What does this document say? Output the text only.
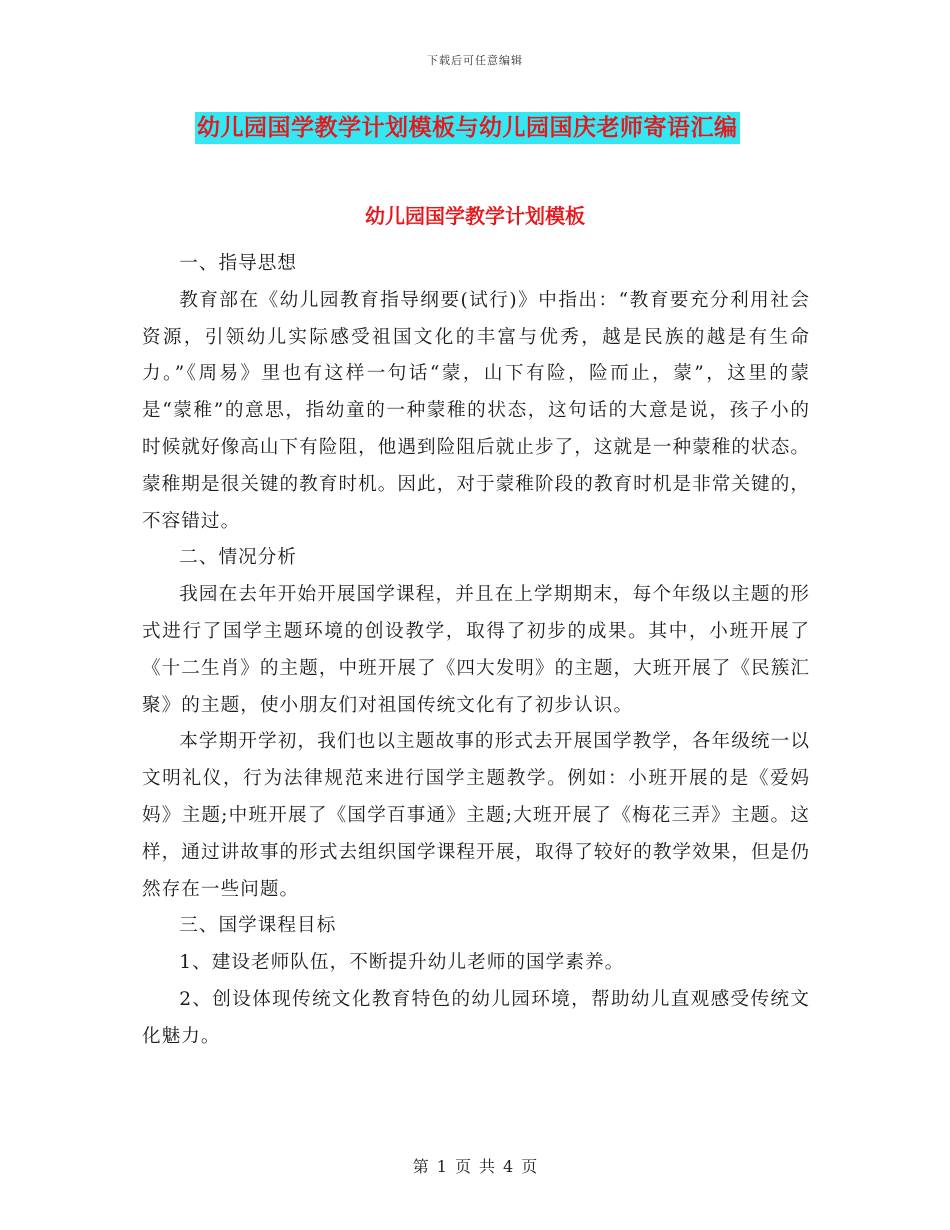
下载后可任意编辑
幼儿园国学教学计划模板与幼儿园国庆老师寄语汇编
幼儿园国学教学计划模板

一、指导思想

教育部在《幼儿园教育指导纲要(试行)》中指出：“教育要充分利用社会资源，引领幼儿实际感受祖国文化的丰富与优秀，越是民族的越是有生命力。”《周易》里也有这样一句话“蒙，山下有险，险而止，蒙”，这里的蒙是“蒙稚”的意思，指幼童的一种蒙稚的状态，这句话的大意是说，孩子小的时候就好像高山下有险阻，他遇到险阻后就止步了，这就是一种蒙稚的状态。蒙稚期是很关键的教育时机。因此，对于蒙稚阶段的教育时机是非常关键的，不容错过。

二、情况分析

我园在去年开始开展国学课程，并且在上学期期末，每个年级以主题的形式进行了国学主题环境的创设教学，取得了初步的成果。其中，小班开展了《十二生肖》的主题，中班开展了《四大发明》的主题，大班开展了《民簇汇聚》的主题，使小朋友们对祖国传统文化有了初步认识。

本学期开学初，我们也以主题故事的形式去开展国学教学，各年级统一以文明礼仪，行为法律规范来进行国学主题教学。例如：小班开展的是《爱妈妈》主题;中班开展了《国学百事通》主题;大班开展了《梅花三弄》主题。这样，通过讲故事的形式去组织国学课程开展，取得了较好的教学效果，但是仍然存在一些问题。

三、国学课程目标

1、建设老师队伍，不断提升幼儿老师的国学素养。

2、创设体现传统文化教育特色的幼儿园环境，帮助幼儿直观感受传统文化魅力。

第 1 页 共 4 页
